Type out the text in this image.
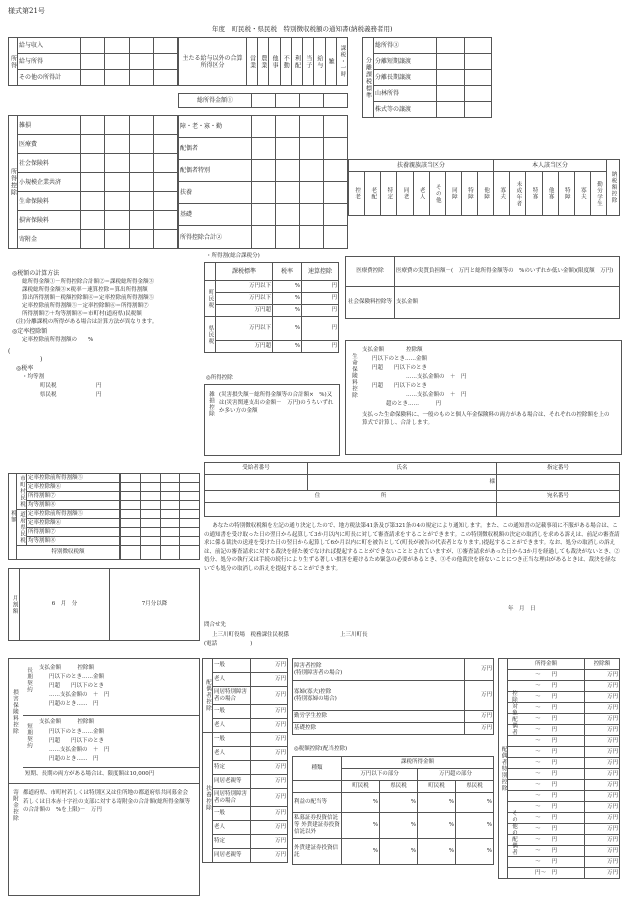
様式第21号
年度　町民税・県民税　特別徴収税額の通知書(納税義務者用)
所得	給与収入				
	給与所得				
	その他の所得計				
主たる給与以外の合算所得区分	営業	農業	他事	不動	利配	当子	給与	雑	課税・一時
総所得金額①				
分離課税標準	総所得③		
	分離短期譲渡		
	分離長期譲渡		
	山林所得		
	株式等の譲渡		
所得控除	雑損				
	医療費				
	社会保険料				
	小規模企業共済				
	生命保険料				
	損害保険料				
	寄附金				
障・老・寡・勤				
配偶者				
配偶者特別				
扶養				
基礎				
所得控除合計②				
扶養親族該当区分									本人該当区分							納税額控除
控老	老配	特定	同老	老人	その他	同障	特障	他障	寡夫	未成年者	特寡	他寡	特障	寡夫	勤労学生	
◎税額の計算方法
総所得金額①－所得控除合計額②＝課税総所得金額③
課税総所得金額③×税率－速算控除＝算出所得割額
算出所得割額－税額控除額④＝定率控除前所得割額⑤
定率控除前所得割額⑤－定率控除額⑥＝所得割額⑦
所得割額⑦＋均等割額⑧＝市町村(道府県)民税額
(注)分離課税の所得がある場合は計算方法が異なります。
◎定率控除額
定率控除前所得割額の　　%
(
)
◎税率
・均等割
町民税	円
県民税	円
・所得割(総合課税分)
	課税標準	税率	速算控除
町民税	万円以下	%	円
	万円以下	%	円
	万円超	%	円
県民税	万円以下	%	円
	万円超	%	円
◎所得控除
雑損控除 (災害損失額－総所得金額等の合計額×　%)又は(災害関連支出の金額－　万円)のうちいずれか多い方の金額
医療費控除	医療費の実質負担額－(　万円と総所得金額等の　%のいずれか低い金額)(限度額　万円)
社会保険料控除等	支払金額
生命保険料控除
支払金額　　　　控除額
円以下のとき……金額
円超　　円以下のとき
……支払金額の　＋　円
円超　　円以下のとき
……支払金額の　＋　円
超のとき……　　　円
支払った生命保険料に、一般のものと個人年金保険料の両方がある場合は、それぞれの控除額を上の算式で計算し、合計します。
税額	市町村民税	定率控除前所得割額⑤
		定率控除額⑥
		所得割額⑦
		均等割額⑧
	道府県民税	定率控除前所得割額⑤
		定率控除額⑥
		所得割額⑦
		均等割額⑧
	特別徴収税額	

月割額	6　月　分	7月分以降
受給者番号	氏名	指定番号
	様	
住　　　　　　　　　　　 所		宛名番号

あなたの特別徴収税額を左記の通り決定したので、地方税法第41条及び第321条の4の規定により通知します。また、この通知書の記載事項に不服がある場合は、この通知書を受け取った日の翌日から起算して3か月以内に町長に対して審査請求をすることができます。この特別徴収税額の決定の取消しを求める訴えは、前記の審査請求に係る裁決の送達を受けた日の翌日から起算して6か月以内に町を被告として(町長が被告の代表者となります。)提起することができます。なお、処分の取消しの訴えは、前記の審査請求に対する裁決を経た後でなければ提起することができないこととされていますが、①審査請求があった日から3か月を経過しても裁決がないとき、②処分、処分の執行又は手続の続行により生ずる著しい損害を避けるため緊急の必要があるとき、③その他裁決を経ないことにつき正当な理由があるときは、裁決を経ないでも処分の取消しの訴えを提起することができます。
年　月　日
問合せ先
上三川町役場　税務課住民税係
(電話　　　　　　)
上三川町長
損害保険料控除
長期契約 支払金額　　　控除額
円以下のとき……金額
円超　　円以下のとき
……支払金額の　＋　円
円超のとき……　円
短期契約
支払金額　　　控除額
円以下のとき……金額
円超　　円以下のとき
……支払金額の　＋　円
円超のとき……　円
短期、長期の両方がある場合は、限度額は10,000円
寄附金控除 都道府県、市町村若しくは特別区又は住所地の都道府県共同募金会若しくは日本赤十字社の支部に対する寄附金の合計額(総所得金額等の合計額の　%を上限)－　万円
配偶者控除	一般	万円
	老人	万円
	同居特別障害者の場合	万円
	一般	万円
	老人	万円
扶養控除	一般	万円
	老人	万円
	特定	万円
	同居老親等	万円
	同居特別障害者の場合	万円
	一般	万円
	老人	万円
	特定	万円
	同居老親等	万円
障害者控除
(特別障害者の場合)	万円
寡婦(寡夫)控除
(特別寡婦の場合)	万円
勤労学生控除	万円
基礎控除	万円
◎税額控除(配当控除)
種類	課税所得金額			
	万円以下の部分		万円超の部分	
	町民税	県民税	町民税	県民税
利益の配当等	%	%	%	%
私募証券投資信託等 外貨建証券投資信託以外	%	%	%	%
外貨建証券投資信託	%	%	%	%
配偶者特別控除	所得金額	控除額
	～　　円	万円
	～　　円	万円
	～　　円	万円
	～　　円	万円
	～　　円	万円
	～　　円	万円
	～　　円	万円
	～　　円	万円
	～　　円	万円
	～　　円	万円
	～　　円	万円
	～　　円	万円
	～　　円	万円
	～　　円	万円
	～　　円	万円
	～　　円	万円
	～　　円	万円
	～　　円	万円
	円～　円	万円
控除対象配偶者
その他の配偶者
